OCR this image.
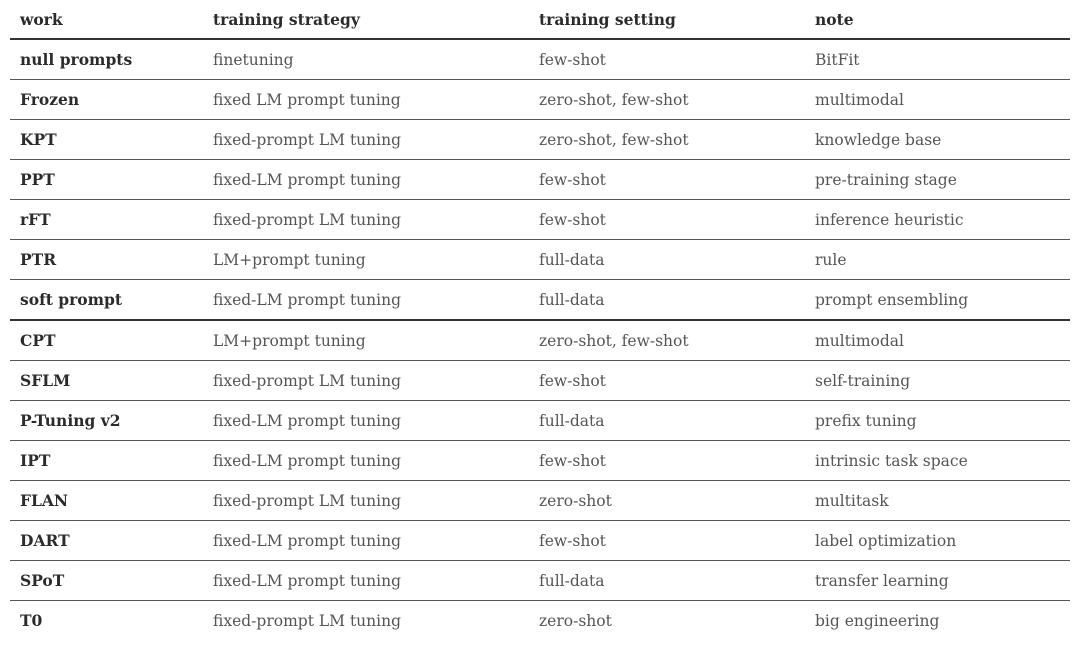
work	training strategy	training setting	note
null prompts	finetuning	few-shot	BitFit
Frozen	fixed LM prompt tuning	zero-shot, few-shot	multimodal
KPT	fixed-prompt LM tuning	zero-shot, few-shot	knowledge base
PPT	fixed-LM prompt tuning	few-shot	pre-training stage
rFT	fixed-prompt LM tuning	few-shot	inference heuristic
PTR	LM+prompt tuning	full-data	rule
soft prompt	fixed-LM prompt tuning	full-data	prompt ensembling
CPT	LM+prompt tuning	zero-shot, few-shot	multimodal
SFLM	fixed-prompt LM tuning	few-shot	self-training
P-Tuning v2	fixed-LM prompt tuning	full-data	prefix tuning
IPT	fixed-LM prompt tuning	few-shot	intrinsic task space
FLAN	fixed-prompt LM tuning	zero-shot	multitask
DART	fixed-LM prompt tuning	few-shot	label optimization
SPoT	fixed-LM prompt tuning	full-data	transfer learning
T0	fixed-prompt LM tuning	zero-shot	big engineering
